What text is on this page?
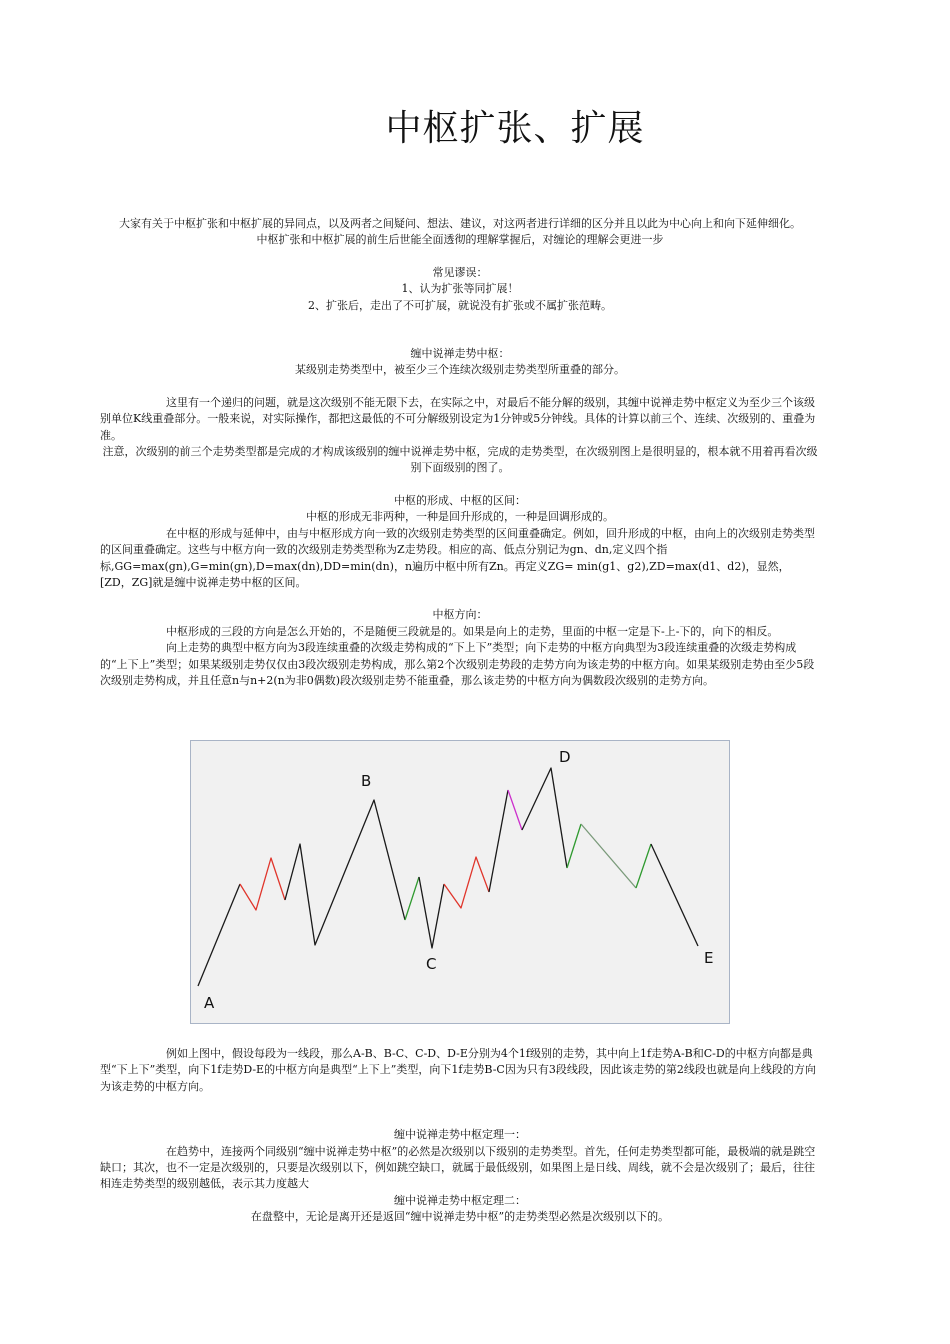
中枢扩张、扩展

大家有关于中枢扩张和中枢扩展的异同点，以及两者之间疑问、想法、建议，对这两者进行详细的区分并且以此为中心向上和向下延伸细化。

中枢扩张和中枢扩展的前生后世能全面透彻的理解掌握后，对缠论的理解会更进一步

常见谬误：

1、认为扩张等同扩展！

2、扩张后，走出了不可扩展，就说没有扩张或不属扩张范畴。

缠中说禅走势中枢：

某级别走势类型中，被至少三个连续次级别走势类型所重叠的部分。

这里有一个递归的问题，就是这次级别不能无限下去，在实际之中，对最后不能分解的级别，其缠中说禅走势中枢定义为至少三个该级别单位K线重叠部分。一般来说，对实际操作，都把这最低的不可分解级别设定为1分钟或5分钟线。具体的计算以前三个、连续、次级别的、重叠为准。

注意，次级别的前三个走势类型都是完成的才构成该级别的缠中说禅走势中枢，完成的走势类型，在次级别图上是很明显的，根本就不用着再看次级别下面级别的图了。

中枢的形成、中枢的区间：

中枢的形成无非两种，一种是回升形成的，一种是回调形成的。

在中枢的形成与延伸中，由与中枢形成方向一致的次级别走势类型的区间重叠确定。例如，回升形成的中枢，由向上的次级别走势类型的区间重叠确定。这些与中枢方向一致的次级别走势类型称为Z走势段。相应的高、低点分别记为gn、dn,定义四个指标,GG=max(gn),G=min(gn),D=max(dn),DD=min(dn)，n遍历中枢中所有Zn。再定义ZG= min(g1、g2),ZD=max(d1、d2)，显然，[ZD，ZG]就是缠中说禅走势中枢的区间。

中枢方向：

中枢形成的三段的方向是怎么开始的，不是随便三段就是的。如果是向上的走势，里面的中枢一定是下-上-下的，向下的相反。

向上走势的典型中枢方向为3段连续重叠的次级走势构成的“下上下”类型；向下走势的中枢方向典型为3段连续重叠的次级走势构成的“上下上”类型；如果某级别走势仅仅由3段次级别走势构成，那么第2个次级别走势段的走势方向为该走势的中枢方向。如果某级别走势由至少5段次级别走势构成，并且任意n与n+2(n为非0偶数)段次级别走势不能重叠，那么该走势的中枢方向为偶数段次级别的走势方向。

A
B
C
D
E

例如上图中，假设每段为一线段，那么A-B、B-C、C-D、D-E分别为4个1f级别的走势，其中向上1f走势A-B和C-D的中枢方向都是典型“下上下”类型，向下1f走势D-E的中枢方向是典型“上下上”类型，向下1f走势B-C因为只有3段线段，因此该走势的第2线段也就是向上线段的方向为该走势的中枢方向。

缠中说禅走势中枢定理一：

在趋势中，连接两个同级别“缠中说禅走势中枢”的必然是次级别以下级别的走势类型。首先，任何走势类型都可能，最极端的就是跳空缺口；其次，也不一定是次级别的，只要是次级别以下，例如跳空缺口，就属于最低级别，如果图上是日线、周线，就不会是次级别了；最后，往往相连走势类型的级别越低，表示其力度越大

缠中说禅走势中枢定理二：

在盘整中，无论是离开还是返回“缠中说禅走势中枢”的走势类型必然是次级别以下的。
